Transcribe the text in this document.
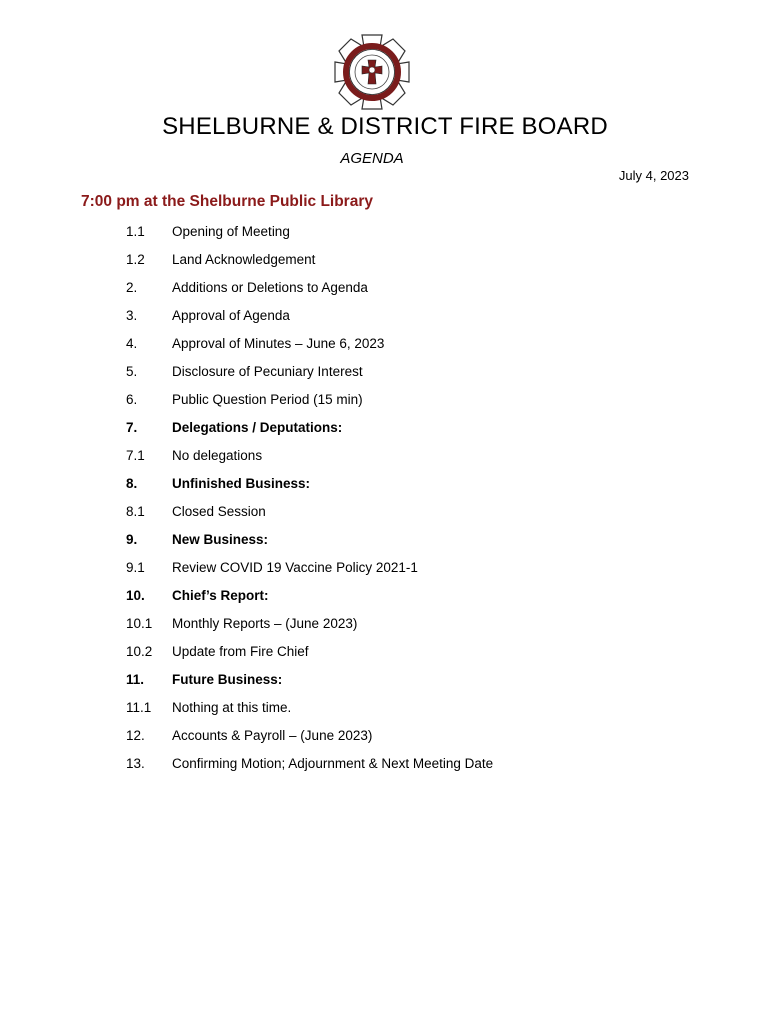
SHELBURNE & DISTRICT FIRE BOARD
AGENDA
July 4, 2023
7:00 pm at the Shelburne Public Library
1.1	Opening of Meeting
1.2	Land Acknowledgement
2.	Additions or Deletions to Agenda
3.	Approval of Agenda
4.	Approval of Minutes – June 6, 2023
5.	Disclosure of Pecuniary Interest
6.	Public Question Period (15 min)
7.	Delegations / Deputations:
7.1	No delegations
8.	Unfinished Business:
8.1	Closed Session
9.	New Business:
9.1	Review COVID 19 Vaccine Policy 2021-1
10.	Chief’s Report:
10.1	Monthly Reports – (June 2023)
10.2	Update from Fire Chief
11.	Future Business:
11.1	Nothing at this time.
12.	Accounts & Payroll – (June 2023)
13.	Confirming Motion; Adjournment & Next Meeting Date
